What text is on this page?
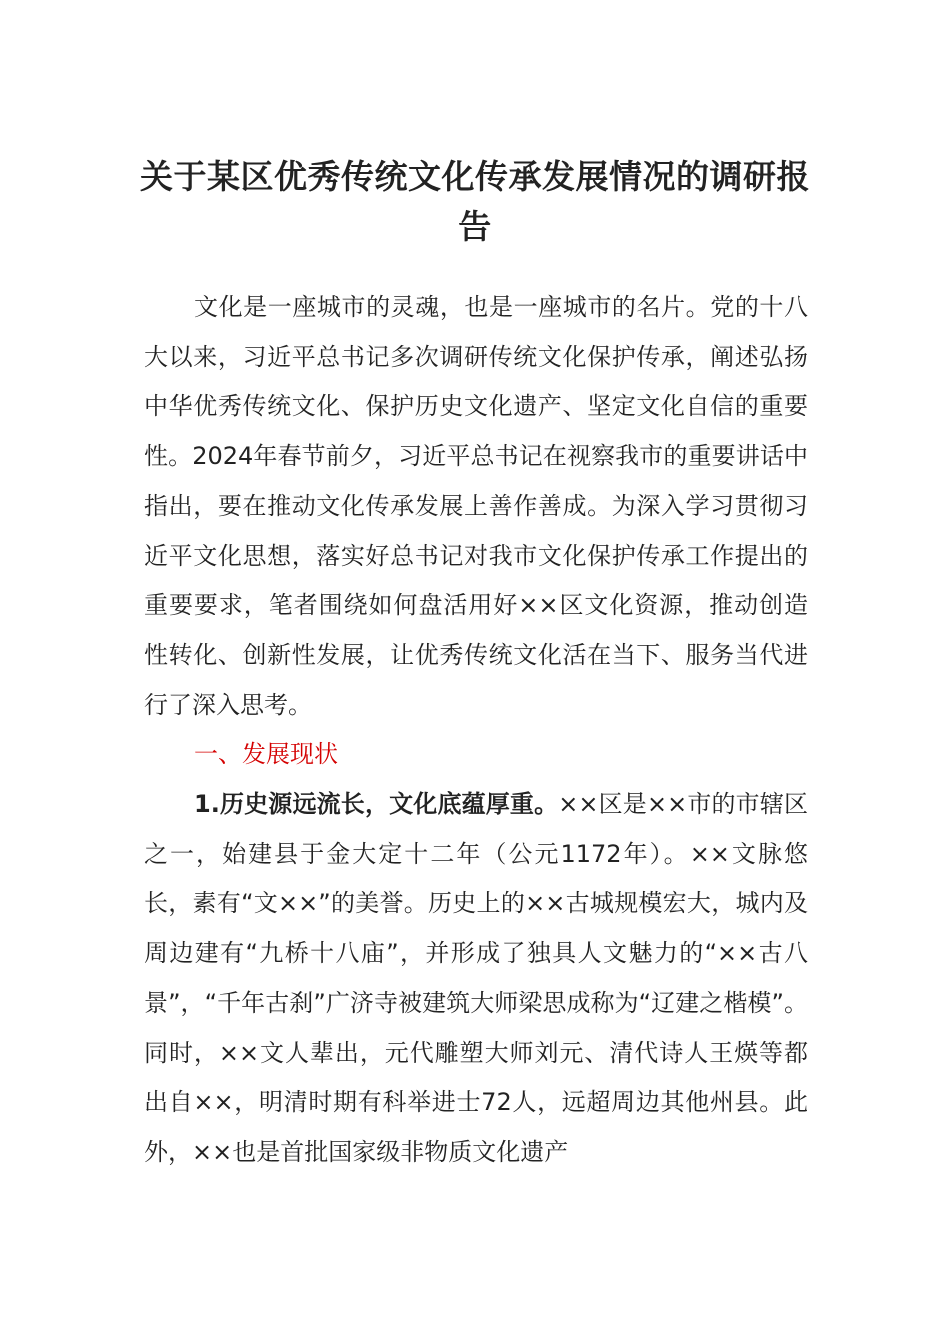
关于某区优秀传统文化传承发展情况的调研报告

文化是一座城市的灵魂，也是一座城市的名片。党的十八大以来，习近平总书记多次调研传统文化保护传承，阐述弘扬中华优秀传统文化、保护历史文化遗产、坚定文化自信的重要性。2024年春节前夕，习近平总书记在视察我市的重要讲话中指出，要在推动文化传承发展上善作善成。为深入学习贯彻习近平文化思想，落实好总书记对我市文化保护传承工作提出的重要要求，笔者围绕如何盘活用好××区文化资源，推动创造性转化、创新性发展，让优秀传统文化活在当下、服务当代进行了深入思考。

一、发展现状

1.历史源远流长，文化底蕴厚重。××区是××市的市辖区之一，始建县于金大定十二年（公元1172年）。××文脉悠长，素有“文××”的美誉。历史上的××古城规模宏大，城内及周边建有“九桥十八庙”，并形成了独具人文魅力的“××古八景”，“千年古刹”广济寺被建筑大师梁思成称为“辽建之楷模”。同时，××文人辈出，元代雕塑大师刘元、清代诗人王煐等都出自××，明清时期有科举进士72人，远超周边其他州县。此外，××也是首批国家级非物质文化遗产
